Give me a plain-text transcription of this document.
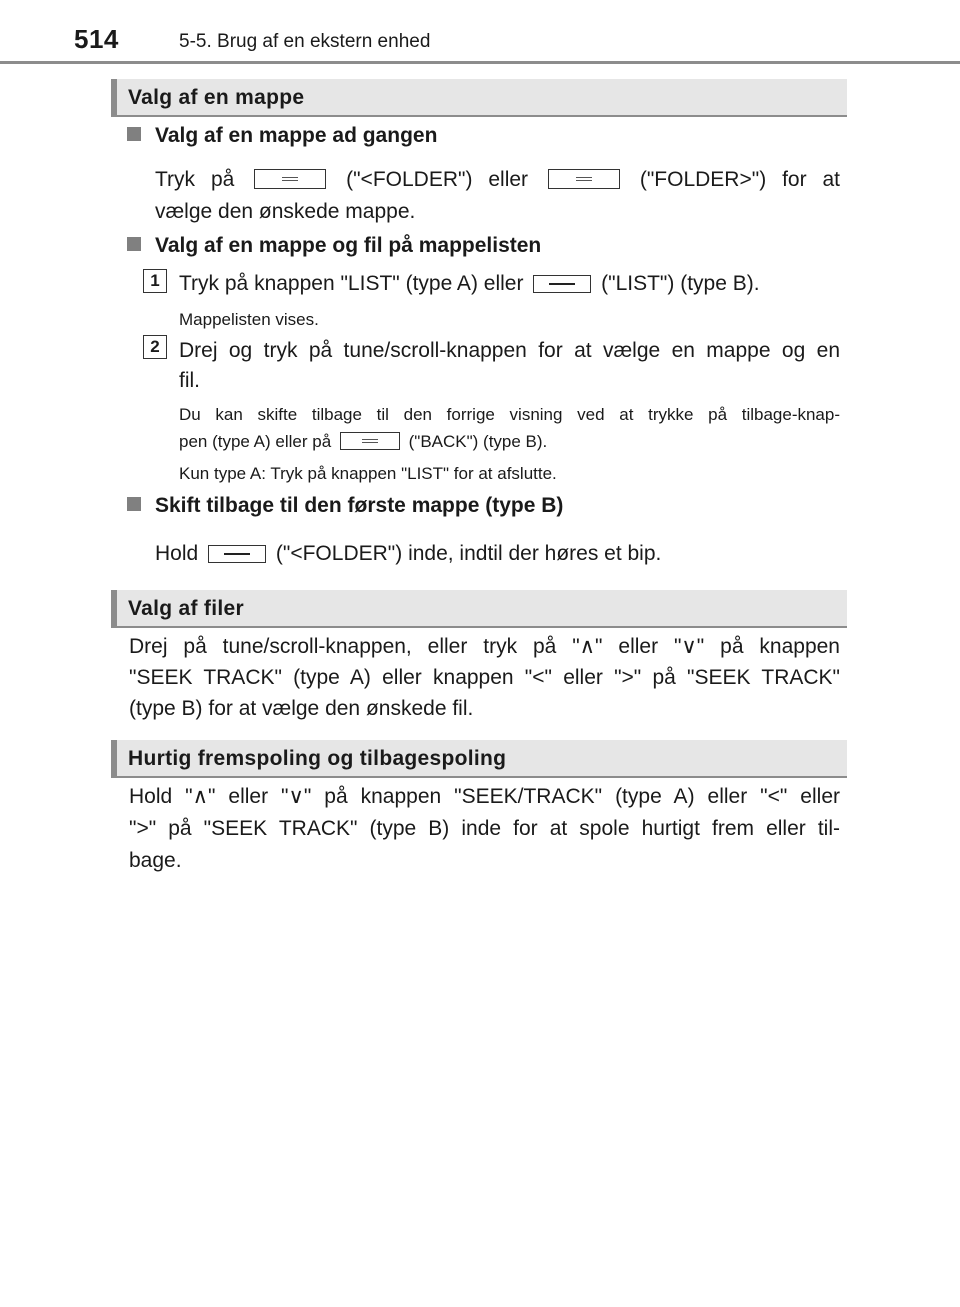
514	5-5. Brug af en ekstern enhed
Valg af en mappe
Valg af en mappe ad gangen
Tryk på	("<FOLDER") eller	("FOLDER>") for at
vælge den ønskede mappe.
Valg af en mappe og fil på mappelisten
1 Tryk på knappen "LIST" (type A) eller	("LIST") (type B).
Mappelisten vises.
2 Drej og tryk på tune/scroll-knappen for at vælge en mappe og en
fil.
Du kan skifte tilbage til den forrige visning ved at trykke på tilbage-knap-
pen (type A) eller på	("BACK") (type B).
Kun type A: Tryk på knappen "LIST" for at afslutte.
Skift tilbage til den første mappe (type B)
Hold	("<FOLDER") inde, indtil der høres et bip.
Valg af filer
Drej på tune/scroll-knappen, eller tryk på "∧" eller "∨" på knappen
"SEEK TRACK" (type A) eller knappen "<" eller ">" på "SEEK TRACK"
(type B) for at vælge den ønskede fil.
Hurtig fremspoling og tilbagespoling
Hold "∧" eller "∨" på knappen "SEEK/TRACK" (type A) eller "<" eller
">" på "SEEK TRACK" (type B) inde for at spole hurtigt frem eller til-
bage.
